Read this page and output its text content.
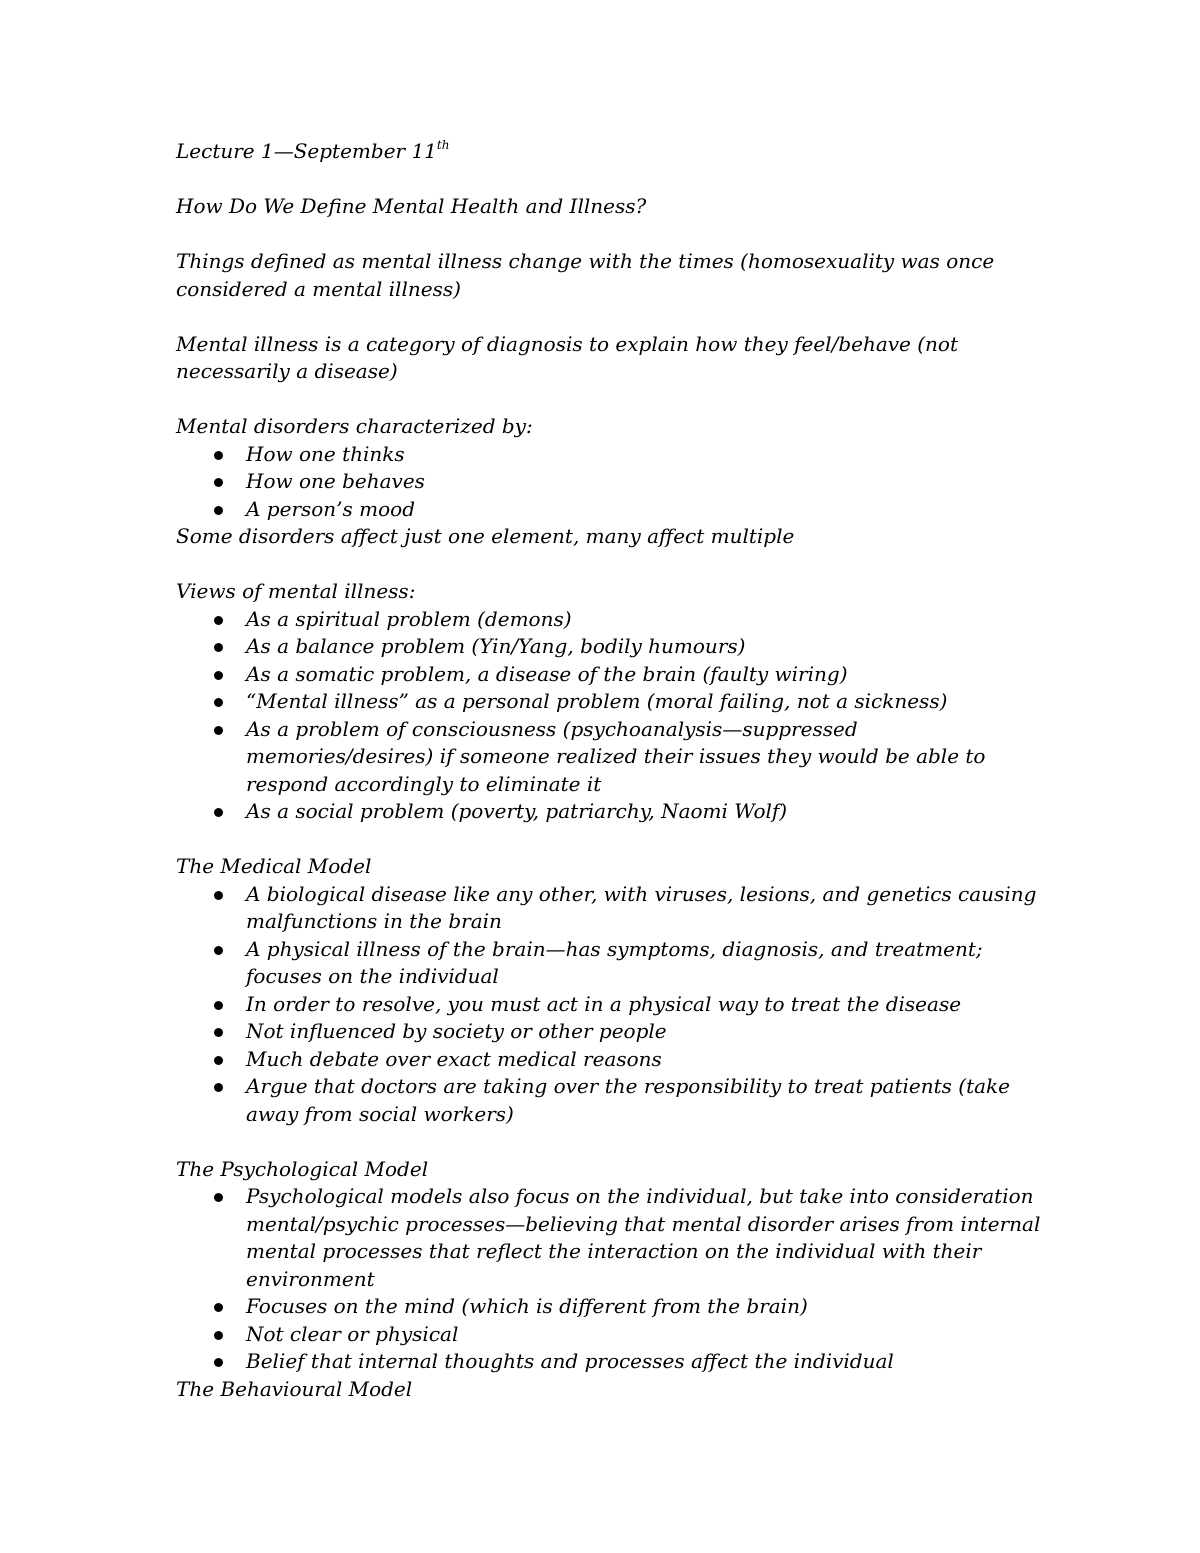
Lecture 1—September 11th

How Do We Define Mental Health and Illness?

Things defined as mental illness change with the times (homosexuality was once considered a mental illness)

Mental illness is a category of diagnosis to explain how they feel/behave (not necessarily a disease)

Mental disorders characterized by:

How one thinks
How one behaves
A person’s mood

Some disorders affect just one element, many affect multiple

Views of mental illness:

As a spiritual problem (demons)
As a balance problem (Yin/Yang, bodily humours)
As a somatic problem, a disease of the brain (faulty wiring)
“Mental illness” as a personal problem (moral failing, not a sickness)
As a problem of consciousness (psychoanalysis—suppressed memories/desires) if someone realized their issues they would be able to respond accordingly to eliminate it
As a social problem (poverty, patriarchy, Naomi Wolf)

The Medical Model

A biological disease like any other, with viruses, lesions, and genetics causing malfunctions in the brain
A physical illness of the brain—has symptoms, diagnosis, and treatment; focuses on the individual
In order to resolve, you must act in a physical way to treat the disease
Not influenced by society or other people
Much debate over exact medical reasons
Argue that doctors are taking over the responsibility to treat patients (take away from social workers)

The Psychological Model

Psychological models also focus on the individual, but take into consideration mental/psychic processes—believing that mental disorder arises from internal mental processes that reflect the interaction on the individual with their environment
Focuses on the mind (which is different from the brain)
Not clear or physical
Belief that internal thoughts and processes affect the individual

The Behavioural Model
